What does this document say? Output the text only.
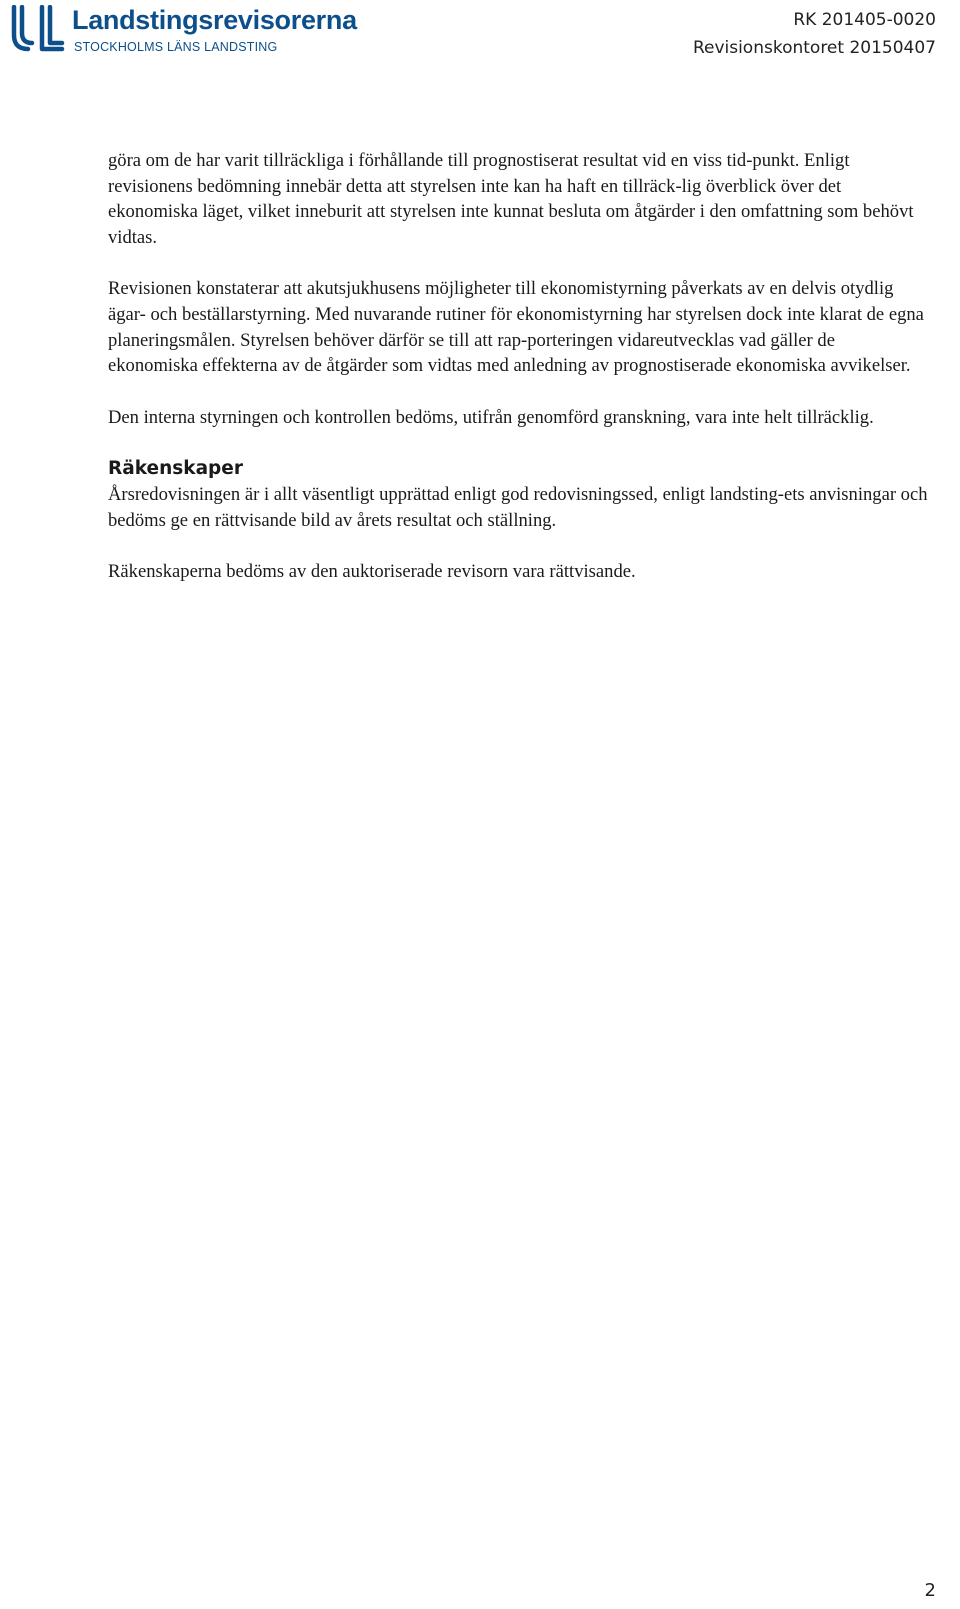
Landstingsrevisorerna
STOCKHOLMS LÄNS LANDSTING
RK 201405-0020
Revisionskontoret 20150407

göra om de har varit tillräckliga i förhållande till prognostiserat resultat vid en viss tid-punkt. Enligt revisionens bedömning innebär detta att styrelsen inte kan ha haft en tillräck-lig överblick över det ekonomiska läget, vilket inneburit att styrelsen inte kunnat besluta om åtgärder i den omfattning som behövt vidtas.

Revisionen konstaterar att akutsjukhusens möjligheter till ekonomistyrning påverkats av en delvis otydlig ägar- och beställarstyrning. Med nuvarande rutiner för ekonomistyrning har styrelsen dock inte klarat de egna planeringsmålen. Styrelsen behöver därför se till att rap-porteringen vidareutvecklas vad gäller de ekonomiska effekterna av de åtgärder som vidtas med anledning av prognostiserade ekonomiska avvikelser.

Den interna styrningen och kontrollen bedöms, utifrån genomförd granskning, vara inte helt tillräcklig.

Räkenskaper

Årsredovisningen är i allt väsentligt upprättad enligt god redovisningssed, enligt landsting-ets anvisningar och bedöms ge en rättvisande bild av årets resultat och ställning.

Räkenskaperna bedöms av den auktoriserade revisorn vara rättvisande.

2
